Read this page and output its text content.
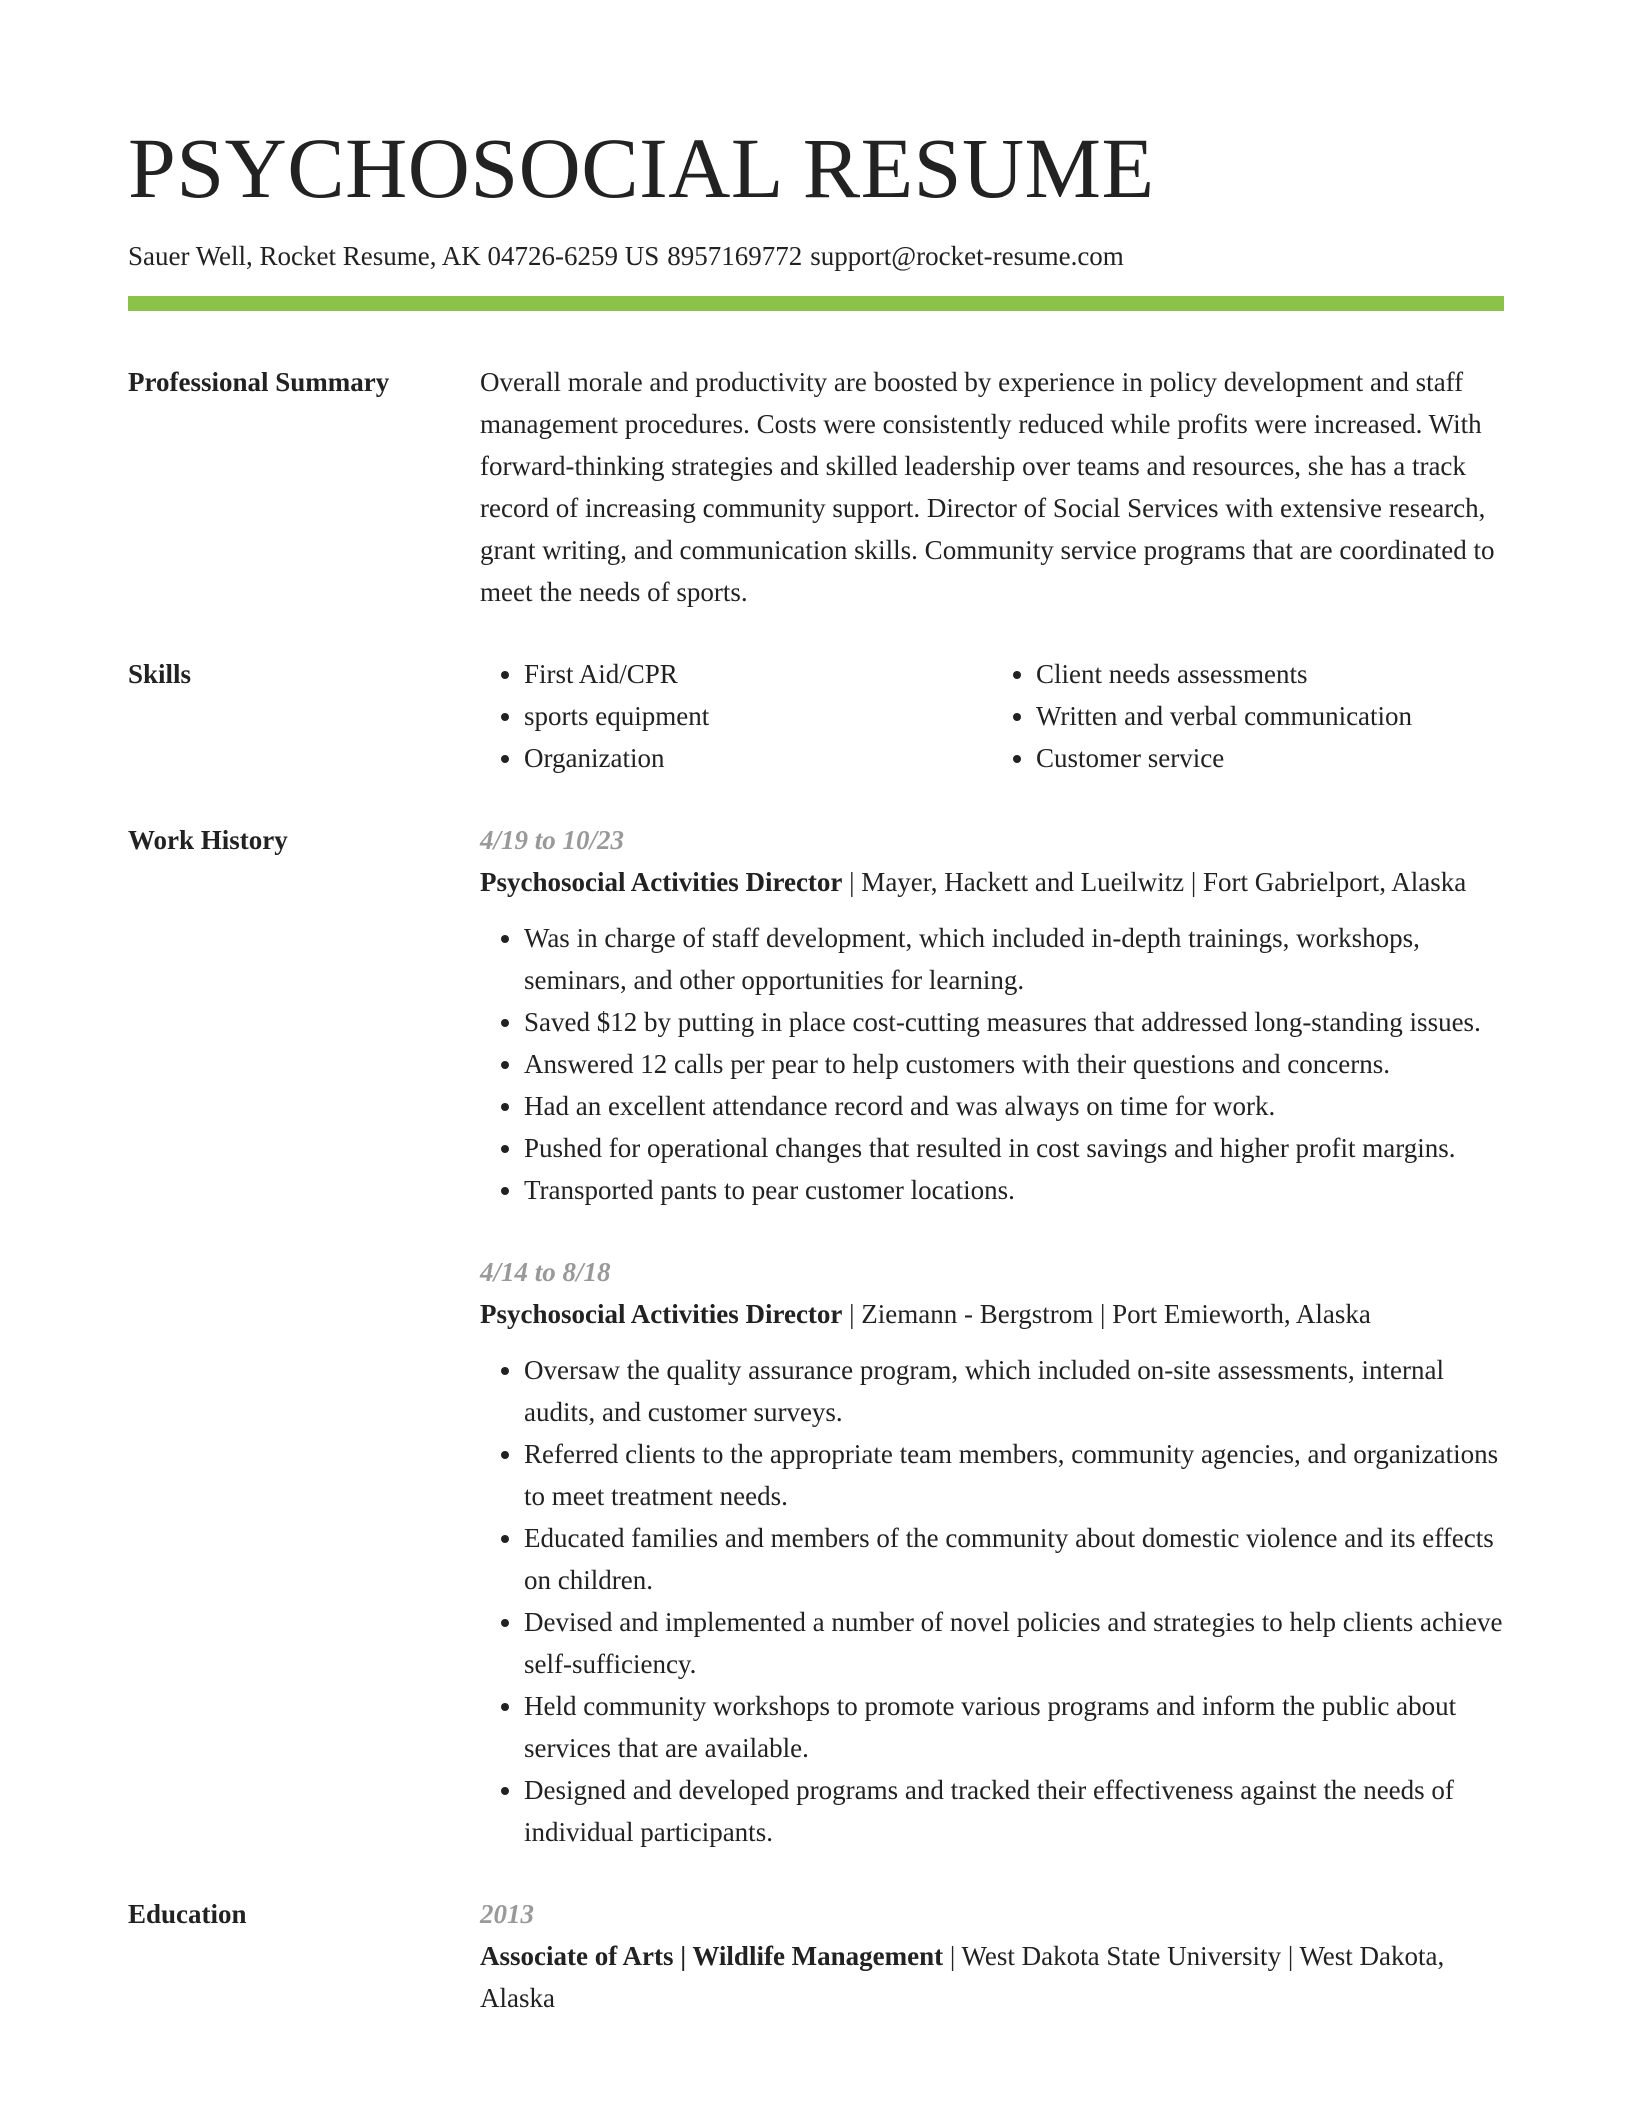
PSYCHOSOCIAL RESUME
Sauer Well, Rocket Resume, AK 04726-6259 US 8957169772 support@rocket-resume.com
Professional Summary	Overall morale and productivity are boosted by experience in policy development and staff management procedures. Costs were consistently reduced while profits were increased. With forward-thinking strategies and skilled leadership over teams and resources, she has a track record of increasing community support. Director of Social Services with extensive research, grant writing, and communication skills. Community service programs that are coordinated to meet the needs of sports.

Skills
•	First Aid/CPR
• sports equipment
• Organization
• Client needs assessments
• Written and verbal communication
• Customer service
Work History	4/19 to 10/23
Psychosocial Activities Director | Mayer, Hackett and Lueilwitz | Fort Gabrielport, Alaska
• Was in charge of staff development, which included in-depth trainings, workshops, seminars, and other opportunities for learning.
• Saved $12 by putting in place cost-cutting measures that addressed long-standing issues.
• Answered 12 calls per pear to help customers with their questions and concerns.
• Had an excellent attendance record and was always on time for work.
• Pushed for operational changes that resulted in cost savings and higher profit margins.
• Transported pants to pear customer locations.
4/14 to 8/18
Psychosocial Activities Director | Ziemann - Bergstrom | Port Emieworth, Alaska
• Oversaw the quality assurance program, which included on-site assessments, internal audits, and customer surveys.
• Referred clients to the appropriate team members, community agencies, and organizations to meet treatment needs.
• Educated families and members of the community about domestic violence and its effects on children.
• Devised and implemented a number of novel policies and strategies to help clients achieve self-sufficiency.
• Held community workshops to promote various programs and inform the public about services that are available.
• Designed and developed programs and tracked their effectiveness against the needs of individual participants.
Education	2013
Associate of Arts | Wildlife Management | West Dakota State University | West Dakota, Alaska
